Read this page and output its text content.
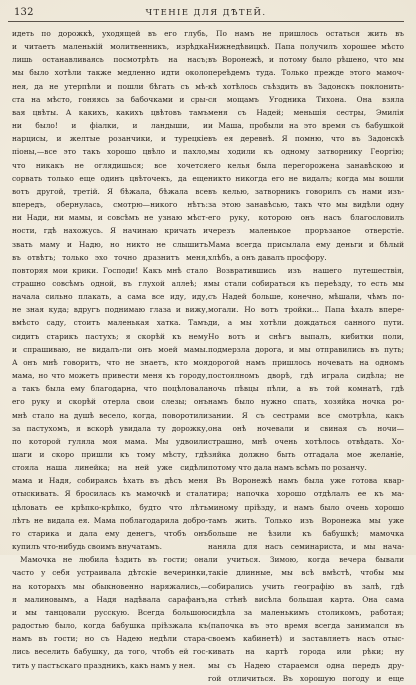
132	ЧТЕНІЕ ДЛЯ ДѢТЕЙ.
идеть по дорожкѣ, уходящей въ его глубь,
и читаетъ маленькій молитвенникъ, изрѣдка
лишь останавливаясь посмотрѣть на насъ;
мы было хотѣли также медленно идти около
нея, да не утерпѣли и пошли бѣгать съ мѣ-
ста на мѣсто, гоняясь за бабочками и сры-
вая цвѣты. А какихъ, какихъ цвѣтовъ тамъ
ни было! и фіалки, и ландыши, и
нарцисы, и желтые розанчики, и турецкіе
піоны,—все это такъ хорошо цвѣло и пахло,
что никакъ не оглядишься; все хочется
сорвать только еще одинъ цвѣточекъ, да еще
вотъ другой, третій. Я бѣжала, бѣжала все
впередъ, обернулась, смотрю—никого нѣтъ:
ни Нади, ни мамы, и совсѣмъ не узнаю мѣст-
ности, гдѣ нахожусь. Я начинаю кричать и
звать маму и Надю, но никто не слышитъ
въ отвѣтъ; только эхо точно дразнитъ меня,
повторяя мои крики. Господи! Какъ мнѣ стало
страшно совсѣмъ одной, въ глухой аллеѣ; я
начала сильно плакать, а сама все иду, иду,
не зная куда; вдругъ поднимаю глаза и вижу,
вмѣсто саду, стоитъ маленькая хатка. Тамъ
сидитъ старикъ пастухъ; я скорѣй къ нему
и спрашиваю, не видалъ-ли онъ моей мамы.
А онъ мнѣ говоритъ, что не знаетъ, кто моя
мама, но что можетъ привести меня къ городу,
а такъ была ему благодарна, что поцѣловала
его руку и скорѣй отерла свои слезы; онъ
мнѣ стало на душѣ весело, когда, поворотили
за пастухомъ, я вскорѣ увидала ту дорожку,
по которой гуляла моя мама. Мы удвоили
шаги и скоро пришли къ тому мѣсту, гдѣ
стояла наша линейка; на ней уже сидѣли
мама и Надя, собираясь ѣхать въ дѣсъ меня
отыскивать. Я бросилась къ мамочкѣ и стала
цѣловать ее крѣпко-крѣпко, будто что лѣтъ
лѣтъ не видала ея. Мама поблагодарила добро-
го старика и дала ему денегъ, чтобъ онъ
купилъ что-нибудь своимъ внучатамъ.
Мамочка не любила ѣздить въ гости; она
часто у себя устраивала дѣтскіе вечеринки,
на которыхъ мы обыкновенно наряжались,—
я малиновымъ, а Надя надѣвала сарафанъ,
и мы танцовали русскую. Всегда большою
радостью было, когда бабушка пріѣзжала къ
намъ въ гости; но съ Надею недѣли стара-
лись веселить бабушку, да того, чтобъ ей гос-
тить у пастъскаго праздникъ, какъ намъ у нея.
По намъ не пришлось остаться жить въ
Нижнедѣвицкѣ. Папа получилъ хорошее мѣсто
въ Воронежѣ, и потому было рѣшено, что мы
переѣдемъ туда. Только прежде этого мамоч-
кѣ хотѣлось съѣздить въ Задонскъ поклонить-
ся мощамъ Угодника Тихона. Она взяла
меня съ Надей; меньшія сестры, Эмилія
и Маша, пробыли на это время съ бабушкой
въ ея деревнѣ. Я помню, что въ Задонскѣ
мы ходили къ одному затворнику Георгію;
его келья была перегорожена занавѣскою и
никто никогда его не видалъ; когда мы вошли
въ келью, затворникъ говорилъ съ нами изъ-
за этою занавѣсью, такъ что мы видѣли одну
его руку, которою онъ насъ благословилъ
черезъ маленькое проръзаное отверстіе.
Мама всегда присылала ему деньги и бѣлый
хлѣбъ, а онъ давалъ просфору.
Возвратившись изъ нашего путешествія,
мы стали собираться къ переѣзду, то есть мы
съ Надей больше, конечно, мѣшали, чѣмъ по-
могали. Но вотъ тройки... Папа ѣхалъ впере-
ди, а мы хотѣли дождаться санного пути.
Но вотъ и снѣгъ выпалъ, кибитки поли,
подмерзла дорога, и мы отправились въ путь;
дорогой намъ пришлось ночевать на одномъ
постоялномъ дворѣ, гдѣ играла сидѣла; не
ночь пѣвцы пѣли, а въ той комнатѣ, гдѣ
намъ было нужно спать, хозяйка ночка ро-
зании. Я съ сестрами все смотрѣла, какъ
она онѣ ночевали и свиная съ ночи—
страшно, мнѣ очень хотѣлось отвѣдать. Хо-
зяйка должно быть отгадала мое желаніе,
потому что дала намъ всѣмъ по розанчу.
Въ Воронежѣ намъ была уже готова квар-
тира; напочка хорошо отдѣлалъ ее къ ма-
миному пріѣзду, и намъ было очень хорошо
тамъ жить. Только изъ Воронежа мы уже
больше не ѣзили къ бабушкѣ; мамочка
наняла для насъ семинариста, и мы нача-
ли учиться. Зимою, когда вечера бывали
такіе длинные, мы всѣ вмѣстѣ, чтобы мы
собирались учить географію въ залѣ, гдѣ
на стѣнѣ висѣла большая карта. Она сама
сидѣла за маленькимъ столикомъ, работая;
(папочка въ это время всегда занимался въ
своемъ кабинетѣ) и заставляетъ насъ отыс-
кивать на картѣ города или рѣки; ну
мы съ Надею стараемся одна передъ дру-
гой отличиться. Въ хорошую погоду и еще
